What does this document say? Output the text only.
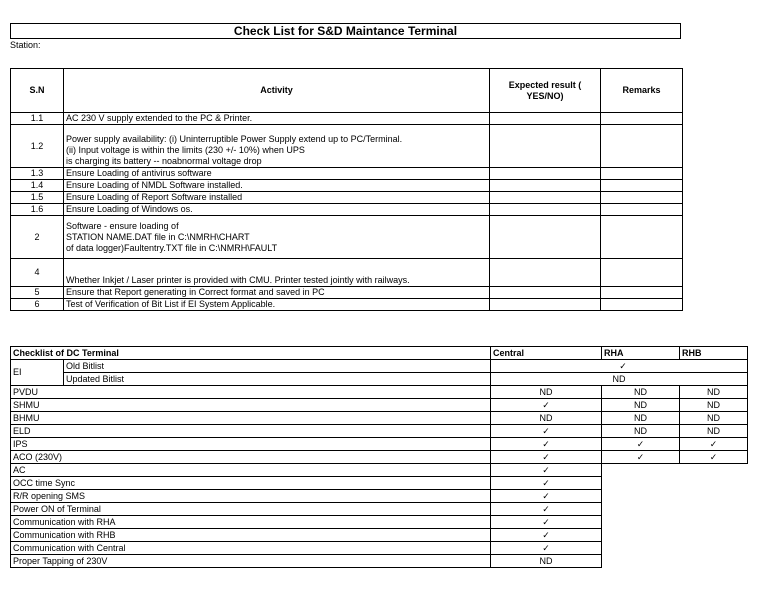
Check List for S&D Maintance Terminal
Station:
S.N	Activity	Expected result ( YES/NO)	Remarks
1.1	AC 230 V supply extended to the PC & Printer.		

1.2	Power supply availability: (i) Uninterruptible Power Supply extend up to PC/Terminal.
(ii) Input voltage is within the limits (230 +/- 10%) when UPS
is charging its battery -- noabnormal voltage drop		

1.3	Ensure Loading of antivirus software		

1.4	Ensure Loading of NMDL Software installed.		

1.5	Ensure Loading of Report Software installed		

1.6	Ensure Loading of Windows os.		

2	Software - ensure loading of
STATION NAME.DAT file in C:\NMRH\CHART
of data logger)Faultentry.TXT file in C:\NMRH\FAULT		

4	Whether Inkjet / Laser printer is provided with CMU. Printer tested jointly with railways.		

5	Ensure that Report generating in Correct format and saved in PC		

6	Test of Verification of Bit List if EI System Applicable.		

Checklist of DC Terminal		Central	RHA	RHB
EI	Old Bitlist	✓		
	Updated Bitlist	ND		
PVDU		ND	ND	ND
SHMU		✓	ND	ND
BHMU		ND	ND	ND
ELD		✓	ND	ND
IPS		✓	✓	✓
ACO (230V)		✓	✓	✓
AC		✓		
OCC time Sync		✓		
R/R opening SMS		✓		
Power ON of Terminal		✓		
Communication with RHA		✓		
Communication with RHB		✓		
Communication with Central		✓		
Proper Tapping of 230V		ND		
